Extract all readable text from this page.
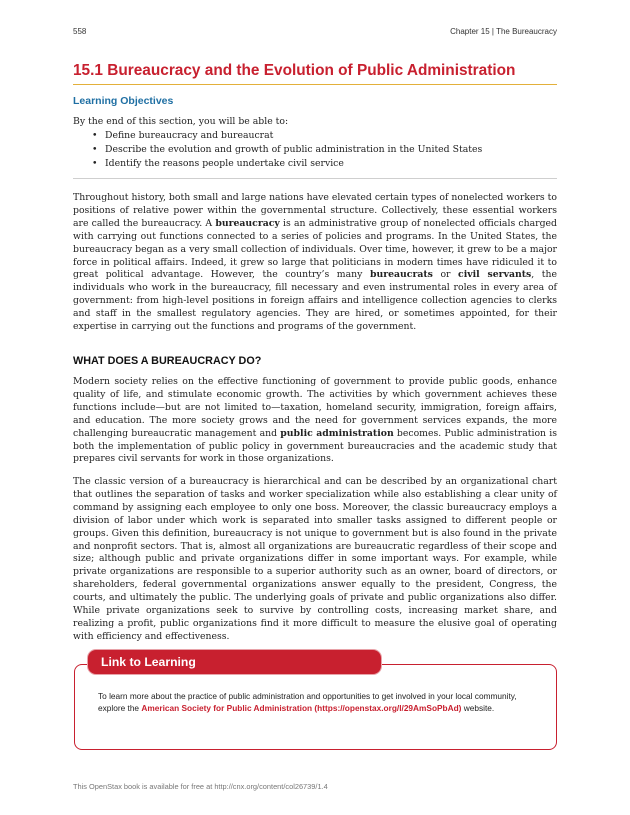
558	Chapter 15 | The Bureaucracy
15.1 Bureaucracy and the Evolution of Public Administration
Learning Objectives
By the end of this section, you will be able to:
• Define bureaucracy and bureaucrat
• Describe the evolution and growth of public administration in the United States
• Identify the reasons people undertake civil service

Throughout history, both small and large nations have elevated certain types of nonelected workers to positions of relative power within the governmental structure. Collectively, these essential workers are called the bureaucracy. A bureaucracy is an administrative group of nonelected officials charged with carrying out functions connected to a series of policies and programs. In the United States, the bureaucracy began as a very small collection of individuals. Over time, however, it grew to be a major force in political affairs. Indeed, it grew so large that politicians in modern times have ridiculed it to great political advantage. However, the country’s many bureaucrats or civil servants, the individuals who work in the bureaucracy, fill necessary and even instrumental roles in every area of government: from high-level positions in foreign affairs and intelligence collection agencies to clerks and staff in the smallest regulatory agencies. They are hired, or sometimes appointed, for their expertise in carrying out the functions and programs of the government.

WHAT DOES A BUREAUCRACY DO?

Modern society relies on the effective functioning of government to provide public goods, enhance quality of life, and stimulate economic growth. The activities by which government achieves these functions include—but are not limited to—taxation, homeland security, immigration, foreign affairs, and education. The more society grows and the need for government services expands, the more challenging bureaucratic management and public administration becomes. Public administration is both the implementation of public policy in government bureaucracies and the academic study that prepares civil servants for work in those organizations.

The classic version of a bureaucracy is hierarchical and can be described by an organizational chart that outlines the separation of tasks and worker specialization while also establishing a clear unity of command by assigning each employee to only one boss. Moreover, the classic bureaucracy employs a division of labor under which work is separated into smaller tasks assigned to different people or groups. Given this definition, bureaucracy is not unique to government but is also found in the private and nonprofit sectors. That is, almost all organizations are bureaucratic regardless of their scope and size; although public and private organizations differ in some important ways. For example, while private organizations are responsible to a superior authority such as an owner, board of directors, or shareholders, federal governmental organizations answer equally to the president, Congress, the courts, and ultimately the public. The underlying goals of private and public organizations also differ. While private organizations seek to survive by controlling costs, increasing market share, and realizing a profit, public organizations find it more difficult to measure the elusive goal of operating with efficiency and effectiveness.

Link to Learning

To learn more about the practice of public administration and opportunities to get involved in your local community, explore the American Society for Public Administration (https://openstax.org/l/29AmSoPbAd) website.

This OpenStax book is available for free at http://cnx.org/content/col26739/1.4
